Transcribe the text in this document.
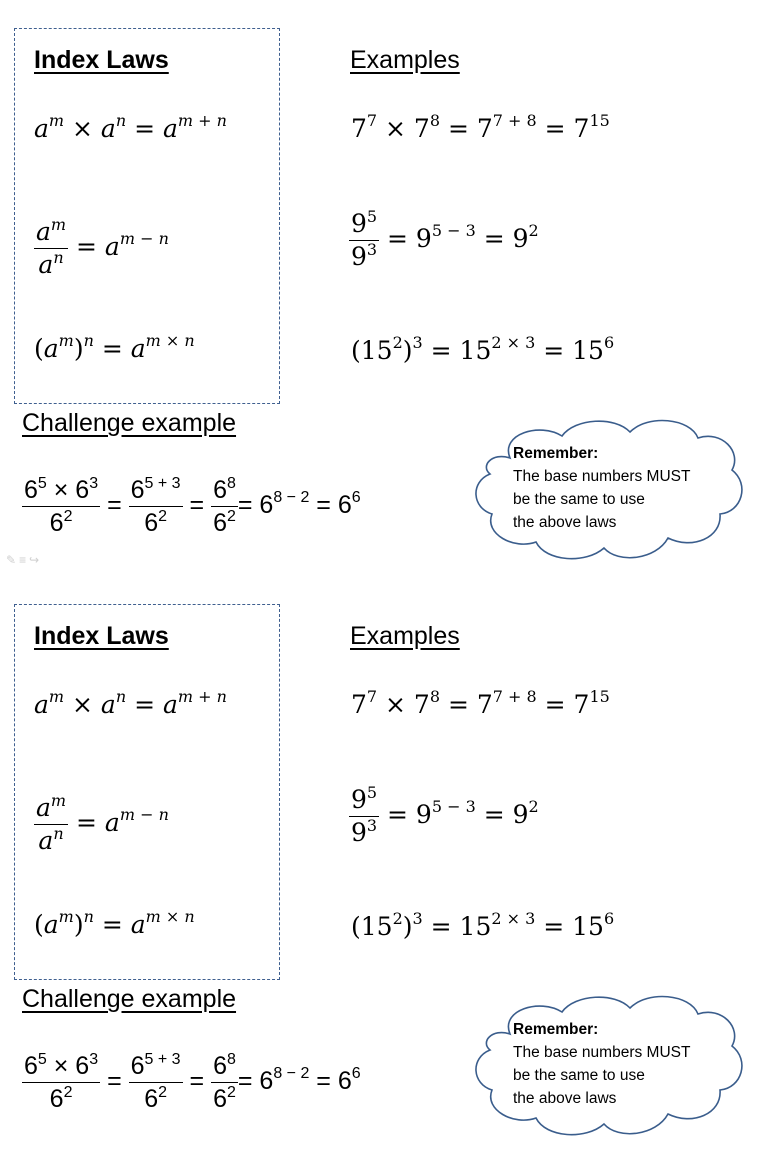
Index Laws	Examples
$a^m \times a^n = a^{m + n}$	$7^7 \times 7^8 = 7^{7 + 8} = 7^{15}$
$\frac{a^m}{a^n} = a^{m - n}$	$\frac{9^5}{9^3} = 9^{5 - 3} = 9^2$
$(a^m)^n = a^{m \times n}$	$(15^2)^3 = 15^{2 \times 3} = 15^6$
Challenge example
$\frac{6^5 \times 6^3}{6^2} = \frac{6^{5 + 3}}{6^2} = \frac{6^8}{6^2} = 6^{8 - 2} = 6^6$
Remember:
The base numbers MUST
be the same to use
the above laws
✎≡↪
Index Laws	Examples
$a^m \times a^n = a^{m + n}$	$7^7 \times 7^8 = 7^{7 + 8} = 7^{15}$
$\frac{a^m}{a^n} = a^{m - n}$	$\frac{9^5}{9^3} = 9^{5 - 3} = 9^2$
$(a^m)^n = a^{m \times n}$	$(15^2)^3 = 15^{2 \times 3} = 15^6$
Challenge example
$\frac{6^5 \times 6^3}{6^2} = \frac{6^{5 + 3}}{6^2} = \frac{6^8}{6^2} = 6^{8 - 2} = 6^6$
Remember:
The base numbers MUST
be the same to use
the above laws
